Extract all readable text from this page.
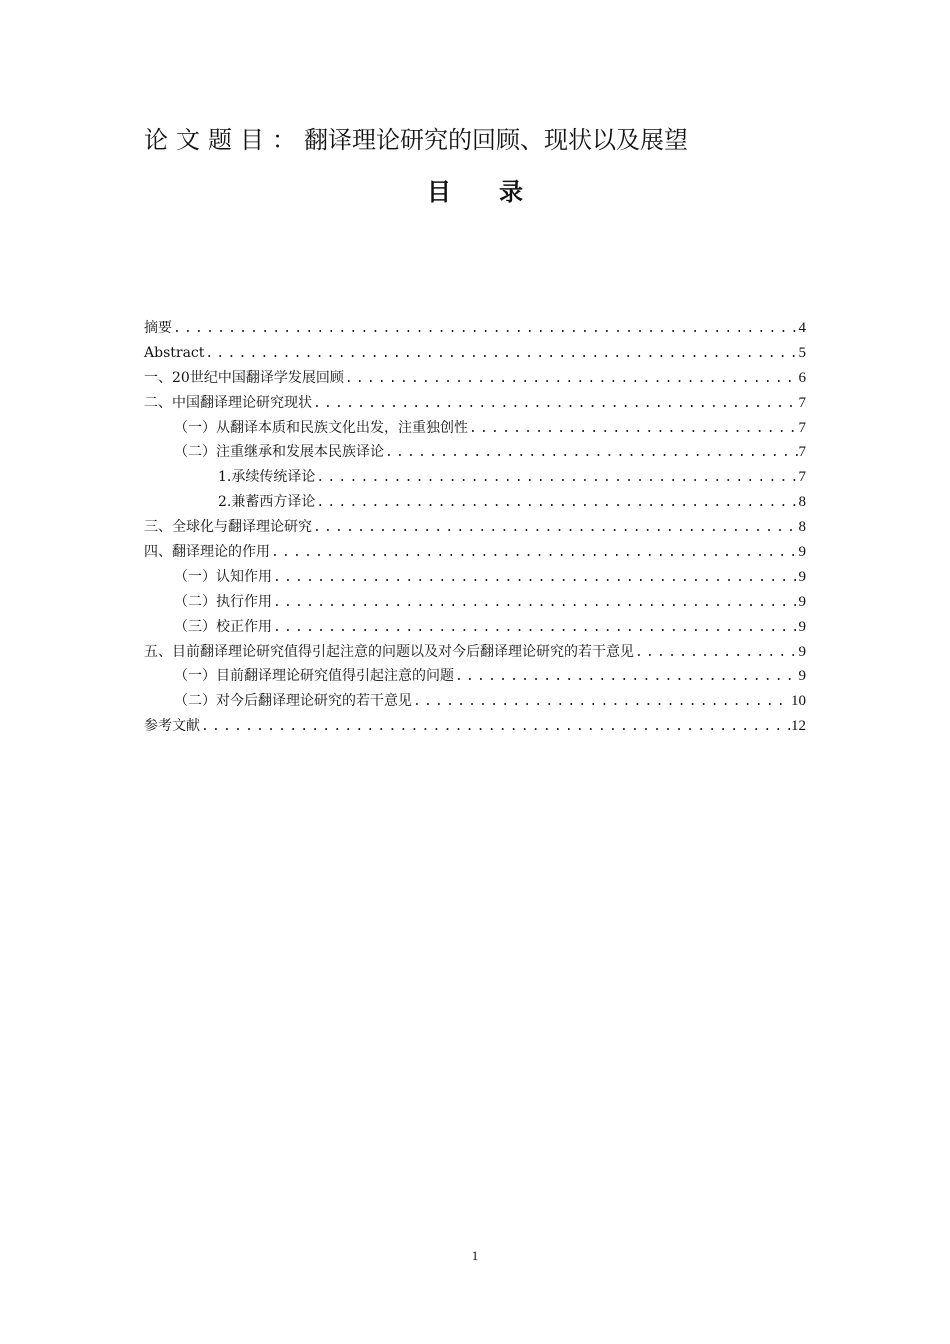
论文题目：翻译理论研究的回顾、现状以及展望
目录
摘要 .....	4
Abstract .....	5
一、20世纪中国翻译学发展回顾 .....	6
二、中国翻译理论研究现状 .....	7
（一）从翻译本质和民族文化出发，注重独创性 .....	7
（二）注重继承和发展本民族译论 .....	7
1.承续传统译论 .....	7
2.兼蓄西方译论 .....	8
三、全球化与翻译理论研究 .....	8
四、翻译理论的作用 .....	9
（一）认知作用 .....	9
（二）执行作用 .....	9
（三）校正作用 .....	9
五、目前翻译理论研究值得引起注意的问题以及对今后翻译理论研究的若干意见 .....	9
（一）目前翻译理论研究值得引起注意的问题 .....	9
（二）对今后翻译理论研究的若干意见 .....	10
参考文献 .....	12
1
